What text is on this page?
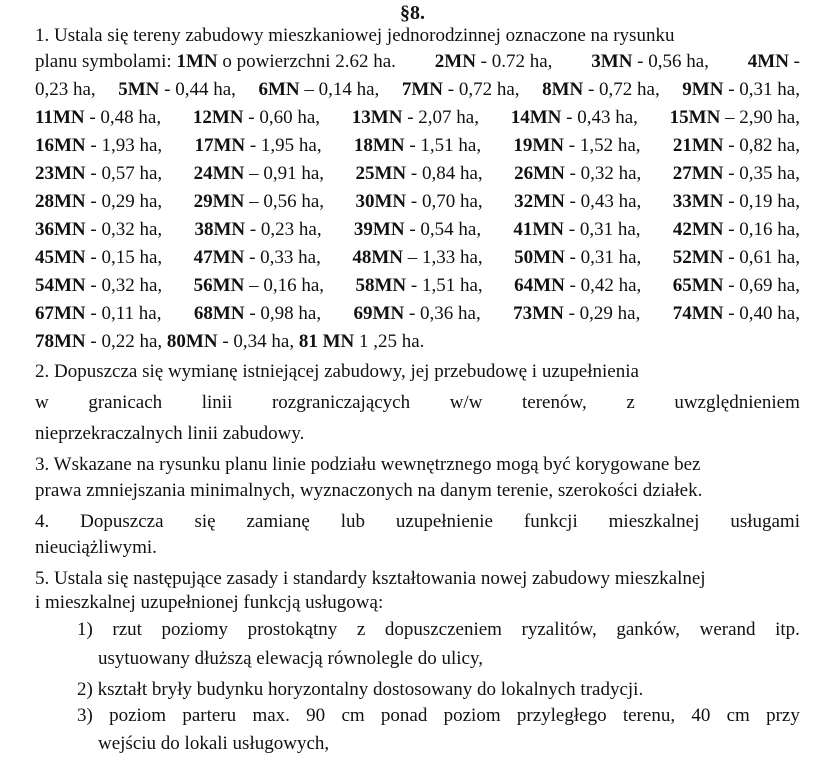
§8.
1. Ustala się tereny zabudowy mieszkaniowej jednorodzinnej oznaczone na rysunku
planu symbolami: 1MN o powierzchni 2.62 ha. 2MN - 0.72 ha, 3MN - 0,56 ha, 4MN -
0,23 ha, 5MN - 0,44 ha, 6MN – 0,14 ha, 7MN - 0,72 ha, 8MN - 0,72 ha, 9MN - 0,31 ha,
11MN - 0,48 ha, 12MN - 0,60 ha, 13MN - 2,07 ha, 14MN - 0,43 ha, 15MN – 2,90 ha,
16MN - 1,93 ha, 17MN - 1,95 ha, 18MN - 1,51 ha, 19MN - 1,52 ha, 21MN - 0,82 ha,
23MN - 0,57 ha, 24MN – 0,91 ha, 25MN - 0,84 ha, 26MN - 0,32 ha, 27MN - 0,35 ha,
28MN - 0,29 ha, 29MN – 0,56 ha, 30MN - 0,70 ha, 32MN - 0,43 ha, 33MN - 0,19 ha,
36MN - 0,32 ha, 38MN - 0,23 ha, 39MN - 0,54 ha, 41MN - 0,31 ha, 42MN - 0,16 ha,
45MN - 0,15 ha, 47MN - 0,33 ha, 48MN – 1,33 ha, 50MN - 0,31 ha, 52MN - 0,61 ha,
54MN - 0,32 ha, 56MN – 0,16 ha, 58MN - 1,51 ha, 64MN - 0,42 ha, 65MN - 0,69 ha,
67MN - 0,11 ha, 68MN - 0,98 ha, 69MN - 0,36 ha, 73MN - 0,29 ha, 74MN - 0,40 ha,
78MN - 0,22 ha, 80MN - 0,34 ha, 81 MN 1 ,25 ha.
2. Dopuszcza się wymianę istniejącej zabudowy, jej przebudowę i uzupełnienia
w granicach linii rozgraniczających w/w terenów, z uwzględnieniem
nieprzekraczalnych linii zabudowy.
3. Wskazane na rysunku planu linie podziału wewnętrznego mogą być korygowane bez
prawa zmniejszania minimalnych, wyznaczonych na danym terenie, szerokości działek.
4. Dopuszcza się zamianę lub uzupełnienie funkcji mieszkalnej usługami
nieuciążliwymi.
5. Ustala się następujące zasady i standardy kształtowania nowej zabudowy mieszkalnej
i mieszkalnej uzupełnionej funkcją usługową:
1) rzut poziomy prostokątny z dopuszczeniem ryzalitów, ganków, werand itp.
usytuowany dłuższą elewacją równolegle do ulicy,
2) kształt bryły budynku horyzontalny dostosowany do lokalnych tradycji.
3) poziom parteru max. 90 cm ponad poziom przyległego terenu, 40 cm przy
wejściu do lokali usługowych,
